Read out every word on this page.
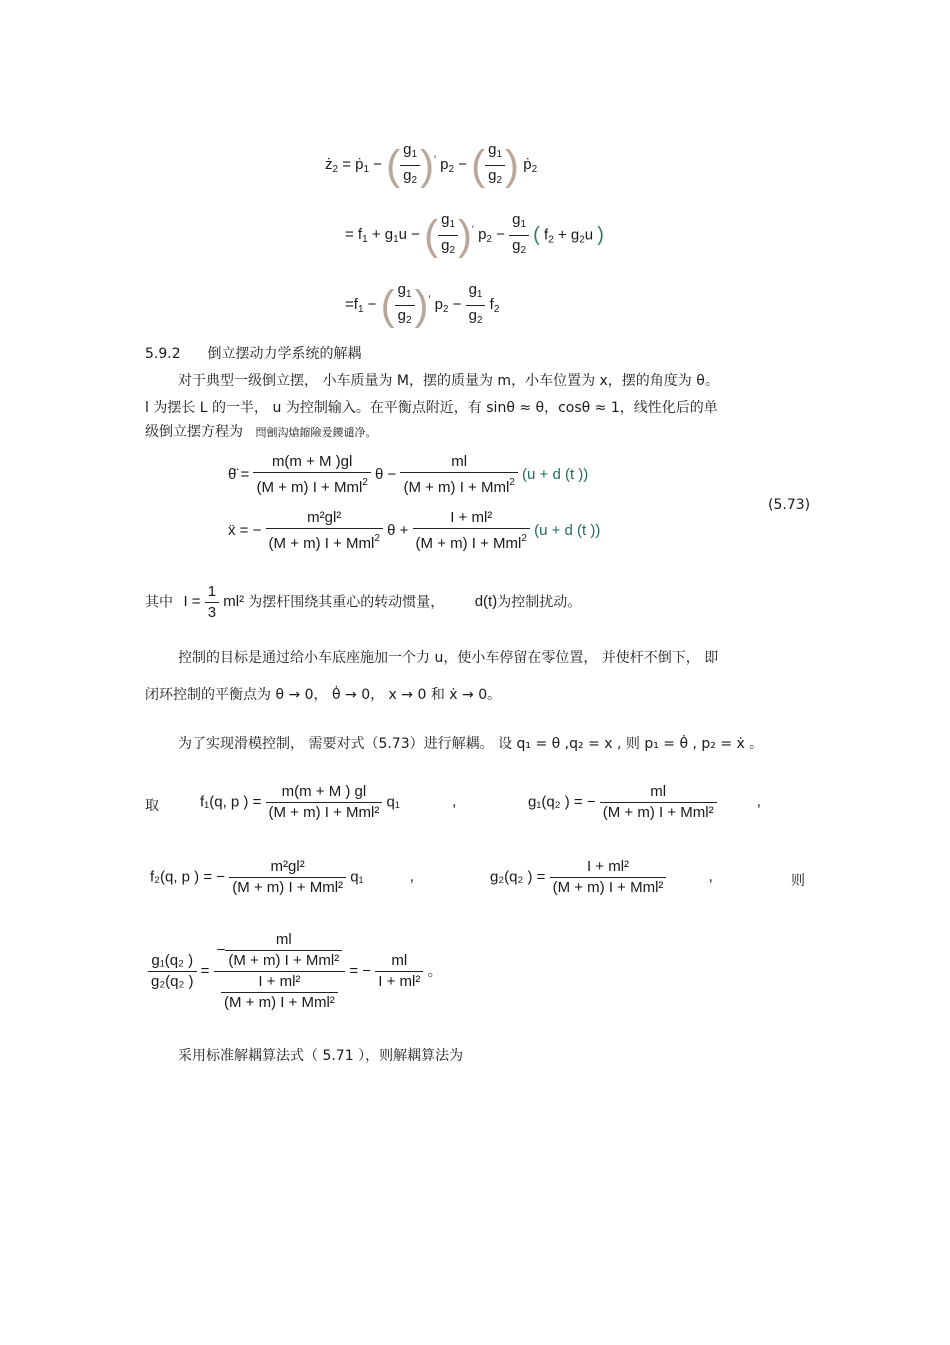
$ż_2$ = ṗ$_1$ − ( $\frac{g_1}{g_2} )'$ $p_2$ − ( $\frac{g_1}{g_2}$ ) ṗ$_2$
= $f_1 + g_1u$ − ( $\frac{g_1}{g_2} )'$ $p_2 - \frac{g_1}{g_2}$ ( $f_2 + g_2u$ )
$=f_1$ − ( $\frac{g_1}{g_2} )'$ $p_2 - \frac{g_1}{g_2} f_2$
5.9.2 倒立摆动力学系统的解耦
对于典型一级倒立摆， 小车质量为 M，摆的质量为 m，小车位置为 x，摆的角度为 θ。
l 为摆长 L 的一半， u 为控制输入。在平衡点附近，有 sinθ ≈ θ，cosθ ≈ 1，线性化后的单
级倒立摆方程为 閆劊沟熗鏥險爰鑁谴净。
θ̈ = $\frac{m(m + M )gl}{(M + m) I + Mml^2}$ $\theta - \frac{ml}{(M + m) I + Mml^2} (u + d$ (t ))
(5.73)
ẍ = − $\frac{\text{m²gl²}}{(M + m) I + Mml^2}$ $\theta + \frac{\text{I + ml²}}{(M + m) I + Mml^2} (u + d$ (t ))
其中 $I = \frac{1}{3} ml^2$ 为摆杆围绕其重心的转动惯量， d(t)为控制扰动。
控制的目标是通过给小车底座施加一个力 u，使小车停留在零位置， 并使杆不倒下， 即
闭环控制的平衡点为 θ → 0， θ̇ → 0， x → 0 和 ẋ → 0。
为了实现滑模控制， 需要对式（5.73）进行解耦。 设 q₁ = θ ,q₂ = x , 则 p₁ = θ̇ , p₂ = ẋ 。
取	f₁(q, p ) = $\frac{m(m + M ) gl}{\text{(M + m) I + Mml²}} q_1$	,	g₁(q₂ ) = − $\frac{ml}{\text{(M + m) I + Mml²}}$	,
f₂(q, p ) = − $\frac{\text{m²gl²}}{\text{(M + m) I + Mml²}} q_1$	,	g₂(q₂ ) = $\frac{\text{I + ml²}}{\text{(M + m) I + Mml²}}$	,	则
$\frac{\text{g₁(q₂ )}}{\text{g₂(q₂ )}} = \frac{- \frac{ml}{\text{(M + m) I + Mml²}}}{\frac{\text{I + ml²}}{\text{(M + m) I + Mml²}}}$ = − $\frac{ml}{\text{I + ml²}}$ 。
采用标准解耦算法式（ 5.71 ），则解耦算法为
